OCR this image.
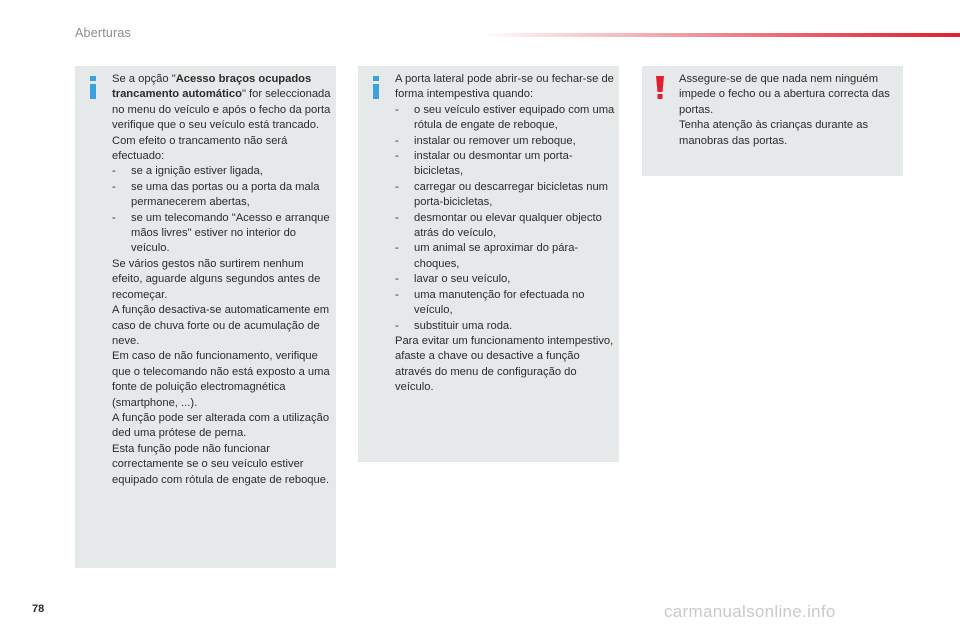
Aberturas

Se a opção "Acesso braços ocupados trancamento automático" for seleccionada no menu do veículo e após o fecho da porta verifique que o seu veículo está trancado.

Com efeito o trancamento não será efectuado:

- se a ignição estiver ligada,
- se uma das portas ou a porta da mala permanecerem abertas,
- se um telecomando "Acesso e arranque mãos livres" estiver no interior do veículo.

Se vários gestos não surtirem nenhum efeito, aguarde alguns segundos antes de recomeçar.

A função desactiva-se automaticamente em caso de chuva forte ou de acumulação de neve.

Em caso de não funcionamento, verifique que o telecomando não está exposto a uma fonte de poluição electromagnética (smartphone, ...).

A função pode ser alterada com a utilização ded uma prótese de perna.

Esta função pode não funcionar correctamente se o seu veículo estiver equipado com rótula de engate de reboque.

A porta lateral pode abrir-se ou fechar-se de forma intempestiva quando:

- o seu veículo estiver equipado com uma rótula de engate de reboque,
- instalar ou remover um reboque,
- instalar ou desmontar um porta-bicicletas,
- carregar ou descarregar bicicletas num porta-bicicletas,
- desmontar ou elevar qualquer objecto atrás do veículo,
- um animal se aproximar do pára-choques,
- lavar o seu veículo,
- uma manutenção for efectuada no veículo,
- substituir uma roda.

Para evitar um funcionamento intempestivo, afaste a chave ou desactive a função através do menu de configuração do veículo.

Assegure-se de que nada nem ninguém impede o fecho ou a abertura correcta das portas.

Tenha atenção às crianças durante as manobras das portas.

78	carmanualsonline.info
